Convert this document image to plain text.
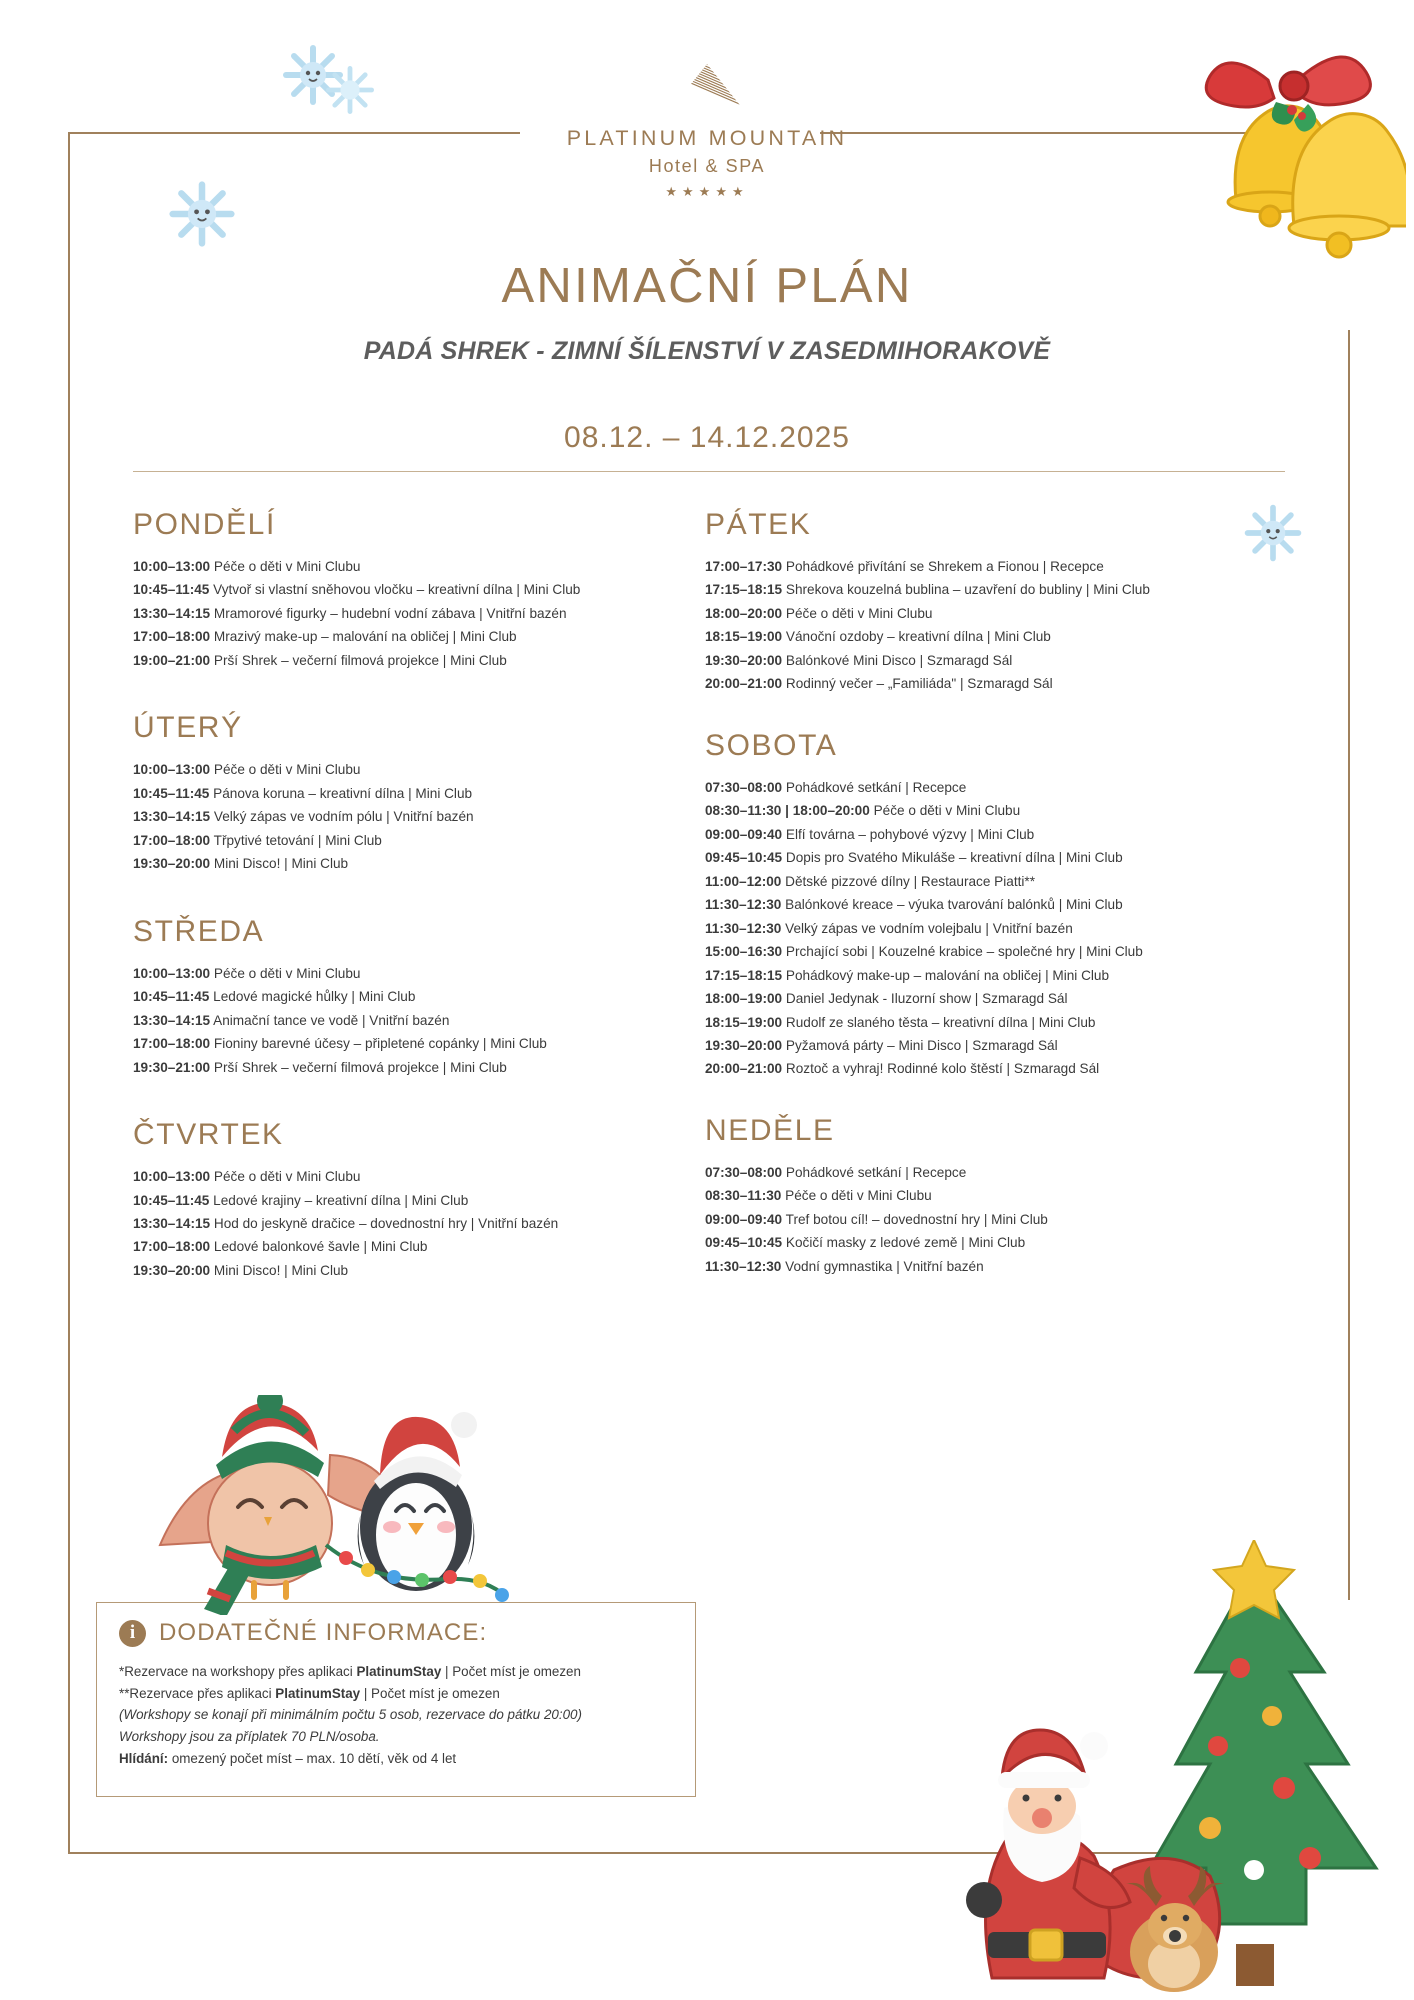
PLATINUM MOUNTAIN
Hotel & SPA
★★★★★
ANIMAČNÍ PLÁN
PADÁ SHREK - ZIMNÍ ŠÍLENSTVÍ V ZASEDMIHORAKOVĚ
08.12. – 14.12.2025
PONDĚLÍ
10:00–13:00 Péče o děti v Mini Clubu
10:45–11:45 Vytvoř si vlastní sněhovou vločku – kreativní dílna | Mini Club
13:30–14:15 Mramorové figurky – hudební vodní zábava | Vnitřní bazén
17:00–18:00 Mrazivý make-up – malování na obličej | Mini Club
19:00–21:00 Prší Shrek – večerní filmová projekce | Mini Club
ÚTERÝ
10:00–13:00 Péče o děti v Mini Clubu
10:45–11:45 Pánova koruna – kreativní dílna | Mini Club
13:30–14:15 Velký zápas ve vodním pólu | Vnitřní bazén
17:00–18:00 Třpytivé tetování | Mini Club
19:30–20:00 Mini Disco! | Mini Club
STŘEDA
10:00–13:00 Péče o děti v Mini Clubu
10:45–11:45 Ledové magické hůlky | Mini Club
13:30–14:15 Animační tance ve vodě | Vnitřní bazén
17:00–18:00 Fioniny barevné účesy – připletené copánky | Mini Club
19:30–21:00 Prší Shrek – večerní filmová projekce | Mini Club
ČTVRTEK
10:00–13:00 Péče o děti v Mini Clubu
10:45–11:45 Ledové krajiny – kreativní dílna | Mini Club
13:30–14:15 Hod do jeskyně dračice – dovednostní hry | Vnitřní bazén
17:00–18:00 Ledové balonkové šavle | Mini Club
19:30–20:00 Mini Disco! | Mini Club
PÁTEK
17:00–17:30 Pohádkové přivítání se Shrekem a Fionou | Recepce
17:15–18:15 Shrekova kouzelná bublina – uzavření do bubliny | Mini Club
18:00–20:00 Péče o děti v Mini Clubu
18:15–19:00 Vánoční ozdoby – kreativní dílna | Mini Club
19:30–20:00 Balónkové Mini Disco | Szmaragd Sál
20:00–21:00 Rodinný večer – „Familiáda" | Szmaragd Sál
SOBOTA
07:30–08:00 Pohádkové setkání | Recepce
08:30–11:30 | 18:00–20:00 Péče o děti v Mini Clubu
09:00–09:40 Elfí továrna – pohybové výzvy | Mini Club
09:45–10:45 Dopis pro Svatého Mikuláše – kreativní dílna | Mini Club
11:00–12:00 Dětské pizzové dílny | Restaurace Piatti**
11:30–12:30 Balónkové kreace – výuka tvarování balónků | Mini Club
11:30–12:30 Velký zápas ve vodním volejbalu | Vnitřní bazén
15:00–16:30 Prchající sobi | Kouzelné krabice – společné hry | Mini Club
17:15–18:15 Pohádkový make-up – malování na obličej | Mini Club
18:00–19:00 Daniel Jedynak - Iluzorní show | Szmaragd Sál
18:15–19:00 Rudolf ze slaného těsta – kreativní dílna | Mini Club
19:30–20:00 Pyžamová párty – Mini Disco | Szmaragd Sál
20:00–21:00 Roztoč a vyhraj! Rodinné kolo štěstí | Szmaragd Sál
NEDĚLE
07:30–08:00 Pohádkové setkání | Recepce
08:30–11:30 Péče o děti v Mini Clubu
09:00–09:40 Tref botou cíl! – dovednostní hry | Mini Club
09:45–10:45 Kočičí masky z ledové země | Mini Club
11:30–12:30 Vodní gymnastika | Vnitřní bazén
i DODATEČNÉ INFORMACE:
*Rezervace na workshopy přes aplikaci PlatinumStay | Počet míst je omezen
**Rezervace přes aplikaci PlatinumStay | Počet míst je omezen
(Workshopy se konají při minimálním počtu 5 osob, rezervace do pátku 20:00)
Workshopy jsou za příplatek 70 PLN/osoba.
Hlídání: omezený počet míst – max. 10 dětí, věk od 4 let
